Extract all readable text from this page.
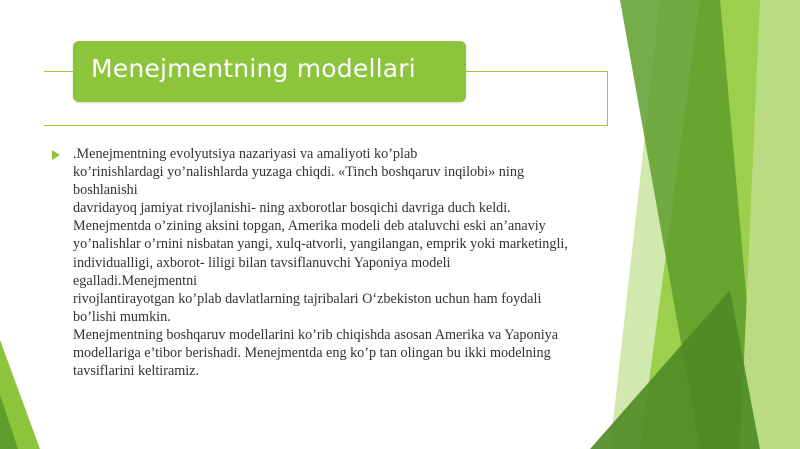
Menejmentning modellari
.Menejmentning evolyutsiya nazariyasi va amaliyoti ko’plab
ko’rinishlardagi yo’nalishlarda yuzaga chiqdi. «Tinch boshqaruv inqilobi» ning
boshlanishi
davridayoq jamiyat rivojlanishi- ning axborotlar bosqichi davriga duch keldi.
Menejmentda o’zining aksini topgan, Amerika modeli deb ataluvchi eski an’anaviy
yo’nalishlar o’rnini nisbatan yangi, xulq-atvorli, yangilangan, emprik yoki marketingli,
individualligi, axborot- liligi bilan tavsiflanuvchi Yaponiya modeli
egalladi.Menejmentni
rivojlantirayotgan ko’plab davlatlarning tajribalari O‘zbekiston uchun ham foydali
bo’lishi mumkin.
Menejmentning boshqaruv modellarini ko’rib chiqishda asosan Amerika va Yaponiya
modellariga e’tibor berishadi. Menejmentda eng ko’p tan olingan bu ikki modelning
tavsiflarini keltiramiz.
